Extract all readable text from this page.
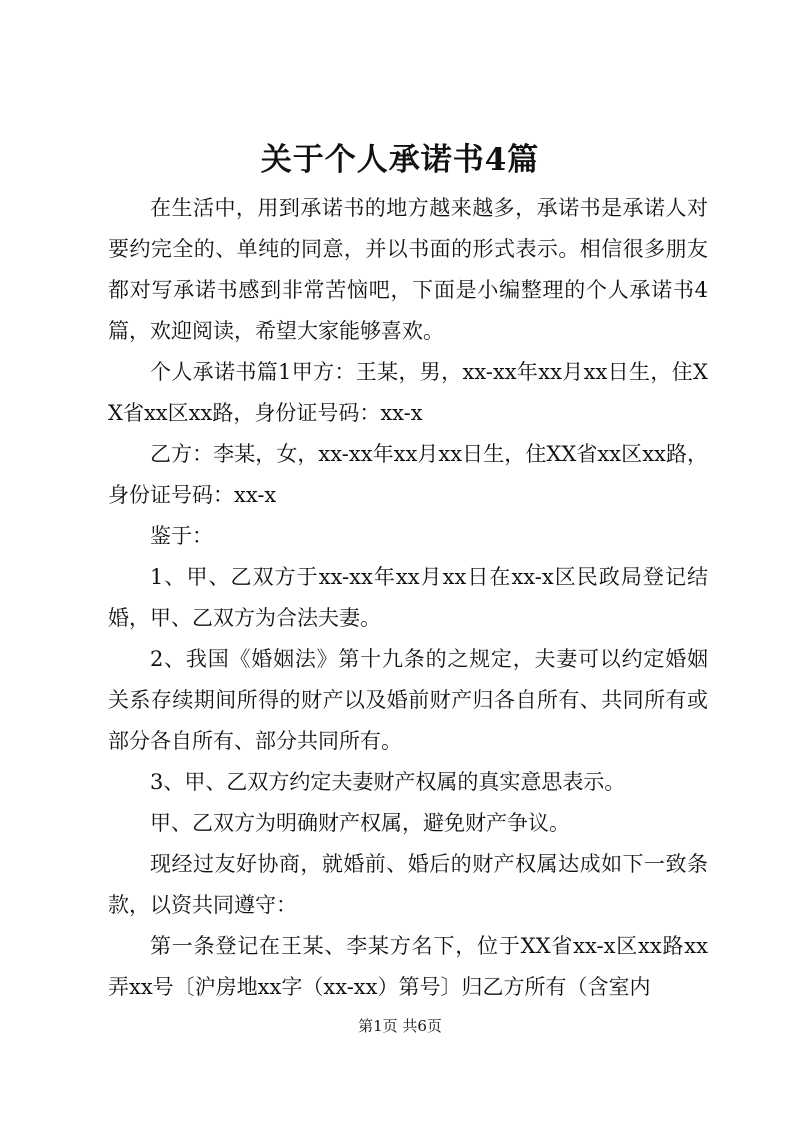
关于个人承诺书4篇

在生活中，用到承诺书的地方越来越多，承诺书是承诺人对要约完全的、单纯的同意，并以书面的形式表示。相信很多朋友都对写承诺书感到非常苦恼吧，下面是小编整理的个人承诺书4篇，欢迎阅读，希望大家能够喜欢。

个人承诺书篇1甲方：王某，男，xx-xx年xx月xx日生，住XX省xx区xx路，身份证号码：xx-x

乙方：李某，女，xx-xx年xx月xx日生，住XX省xx区xx路，身份证号码：xx-x

鉴于：

1、甲、乙双方于xx-xx年xx月xx日在xx-x区民政局登记结婚，甲、乙双方为合法夫妻。

2、我国《婚姻法》第十九条的之规定，夫妻可以约定婚姻关系存续期间所得的财产以及婚前财产归各自所有、共同所有或部分各自所有、部分共同所有。

3、甲、乙双方约定夫妻财产权属的真实意思表示。

甲、乙双方为明确财产权属，避免财产争议。

现经过友好协商，就婚前、婚后的财产权属达成如下一致条款，以资共同遵守：

第一条登记在王某、李某方名下，位于XX省xx-x区xx路xx弄xx号〔沪房地xx字（xx-xx）第号〕归乙方所有（含室内

第1页 共6页
